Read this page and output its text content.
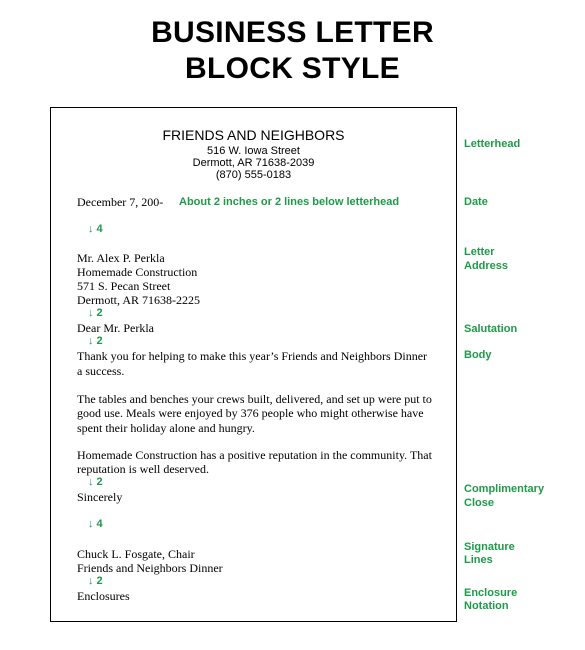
BUSINESS LETTER
BLOCK STYLE
FRIENDS AND NEIGHBORS
516 W. Iowa Street
Dermott, AR 71638-2039
(870) 555-0183
December 7, 200- About 2 inches or 2 lines below letterhead
↓ 4
Mr. Alex P. Perkla
Homemade Construction
571 S. Pecan Street
Dermott, AR 71638-2225
↓ 2
Dear Mr. Perkla
↓ 2
Thank you for helping to make this year’s Friends and Neighbors Dinner
a success.
The tables and benches your crews built, delivered, and set up were put to
good use. Meals were enjoyed by 376 people who might otherwise have
spent their holiday alone and hungry.
Homemade Construction has a positive reputation in the community. That
reputation is well deserved.
↓ 2
Sincerely
↓ 4
Chuck L. Fosgate, Chair
Friends and Neighbors Dinner
↓ 2
Enclosures
Letterhead
Date
Letter
Address
Salutation
Body
Complimentary
Close
Signature
Lines
Enclosure
Notation
